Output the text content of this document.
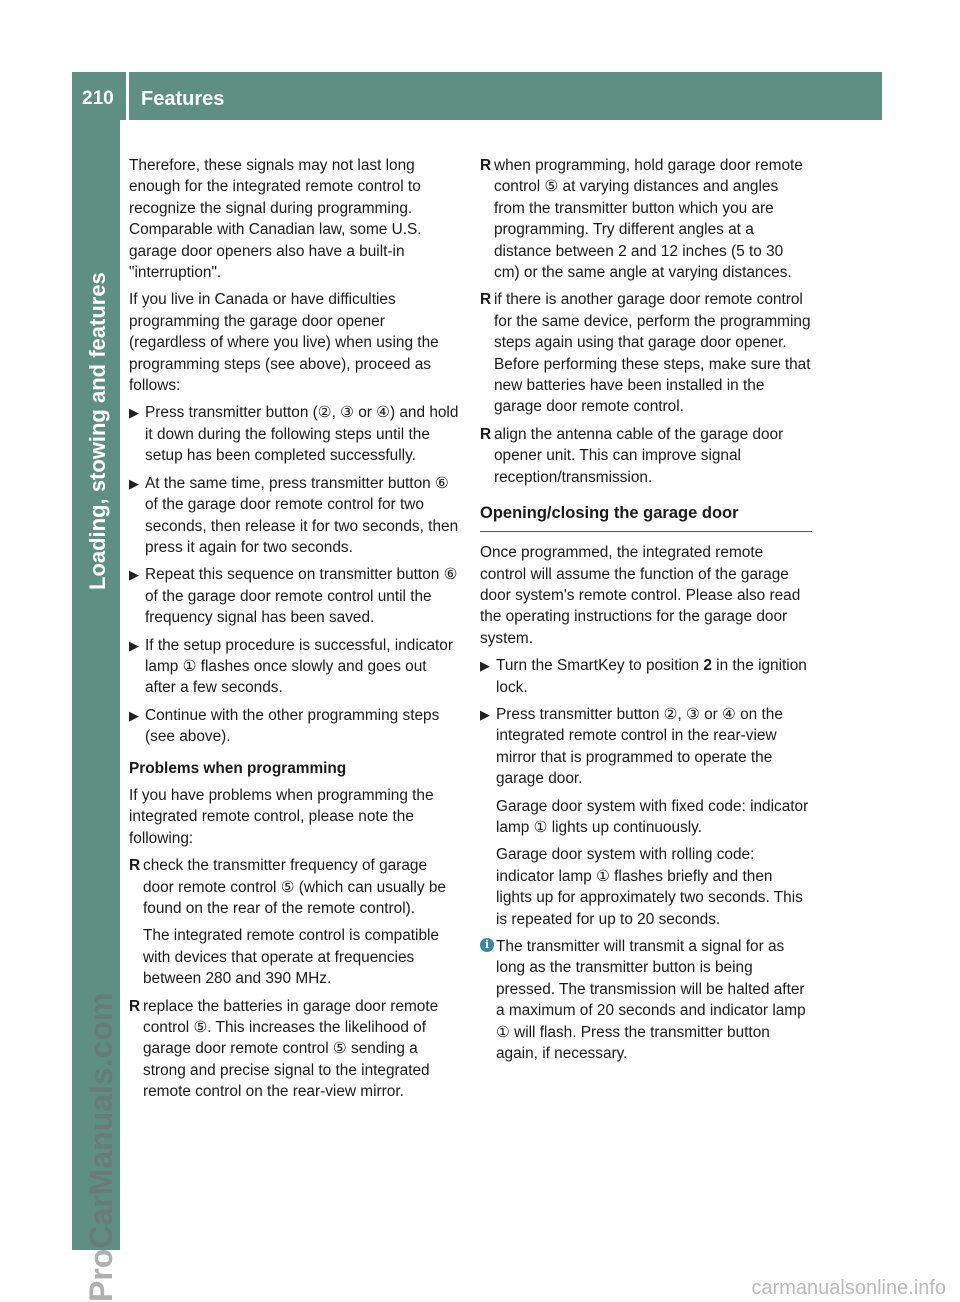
210	Features
Loading, stowing and features
ProCarManuals.com	carmanualsonline.info

Therefore, these signals may not last long enough for the integrated remote control to recognize the signal during programming. Comparable with Canadian law, some U.S. garage door openers also have a built-in "interruption".

If you live in Canada or have difficulties programming the garage door opener (regardless of where you live) when using the programming steps (see above), proceed as follows:

▶ Press transmitter button (②, ③ or ④) and hold it down during the following steps until the setup has been completed successfully.
▶ At the same time, press transmitter button ⑥ of the garage door remote control for two seconds, then release it for two seconds, then press it again for two seconds.
▶ Repeat this sequence on transmitter button ⑥ of the garage door remote control until the frequency signal has been saved.
▶ If the setup procedure is successful, indicator lamp ① flashes once slowly and goes out after a few seconds.
▶ Continue with the other programming steps (see above).
Problems when programming

If you have problems when programming the integrated remote control, please note the following:

R check the transmitter frequency of garage door remote control ⑤ (which can usually be found on the rear of the remote control).
The integrated remote control is compatible with devices that operate at frequencies between 280 and 390 MHz.
R replace the batteries in garage door remote control ⑤. This increases the likelihood of garage door remote control ⑤ sending a strong and precise signal to the integrated remote control on the rear-view mirror.
R when programming, hold garage door remote control ⑤ at varying distances and angles from the transmitter button which you are programming. Try different angles at a distance between 2 and 12 inches (5 to 30 cm) or the same angle at varying distances.
R if there is another garage door remote control for the same device, perform the programming steps again using that garage door opener. Before performing these steps, make sure that new batteries have been installed in the garage door remote control.
R align the antenna cable of the garage door opener unit. This can improve signal reception/transmission.
Opening/closing the garage door

Once programmed, the integrated remote control will assume the function of the garage door system's remote control. Please also read the operating instructions for the garage door system.

▶ Turn the SmartKey to position 2 in the ignition lock.
▶ Press transmitter button ②, ③ or ④ on the integrated remote control in the rear-view mirror that is programmed to operate the garage door.
Garage door system with fixed code: indicator lamp ① lights up continuously.
Garage door system with rolling code: indicator lamp ① flashes briefly and then lights up for approximately two seconds. This is repeated for up to 20 seconds.
i The transmitter will transmit a signal for as long as the transmitter button is being pressed. The transmission will be halted after a maximum of 20 seconds and indicator lamp ① will flash. Press the transmitter button again, if necessary.
